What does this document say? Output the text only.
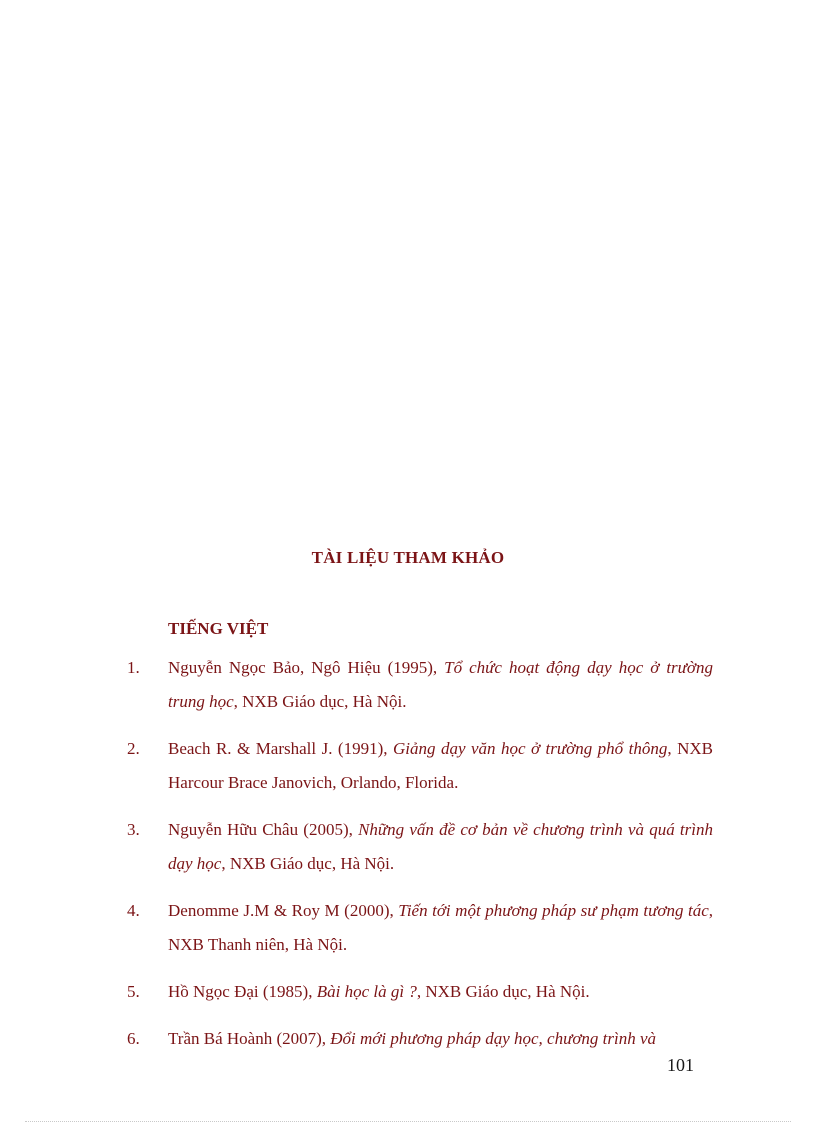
TÀI LIỆU THAM KHẢO
TIẾNG VIỆT
1. Nguyễn Ngọc Bảo, Ngô Hiệu (1995), Tổ chức hoạt động dạy học ở trường trung học, NXB Giáo dục, Hà Nội.
2. Beach R. & Marshall J. (1991), Giảng dạy văn học ở trường phổ thông, NXB Harcour Brace Janovich, Orlando, Florida.
3. Nguyễn Hữu Châu (2005), Những vấn đề cơ bản về chương trình và quá trình dạy học, NXB Giáo dục, Hà Nội.
4. Denomme J.M & Roy M (2000), Tiến tới một phương pháp sư phạm tương tác, NXB Thanh niên, Hà Nội.
5. Hồ Ngọc Đại (1985), Bài học là gì ?, NXB Giáo dục, Hà Nội.
6. Trần Bá Hoành (2007), Đổi mới phương pháp dạy học, chương trình và
101
